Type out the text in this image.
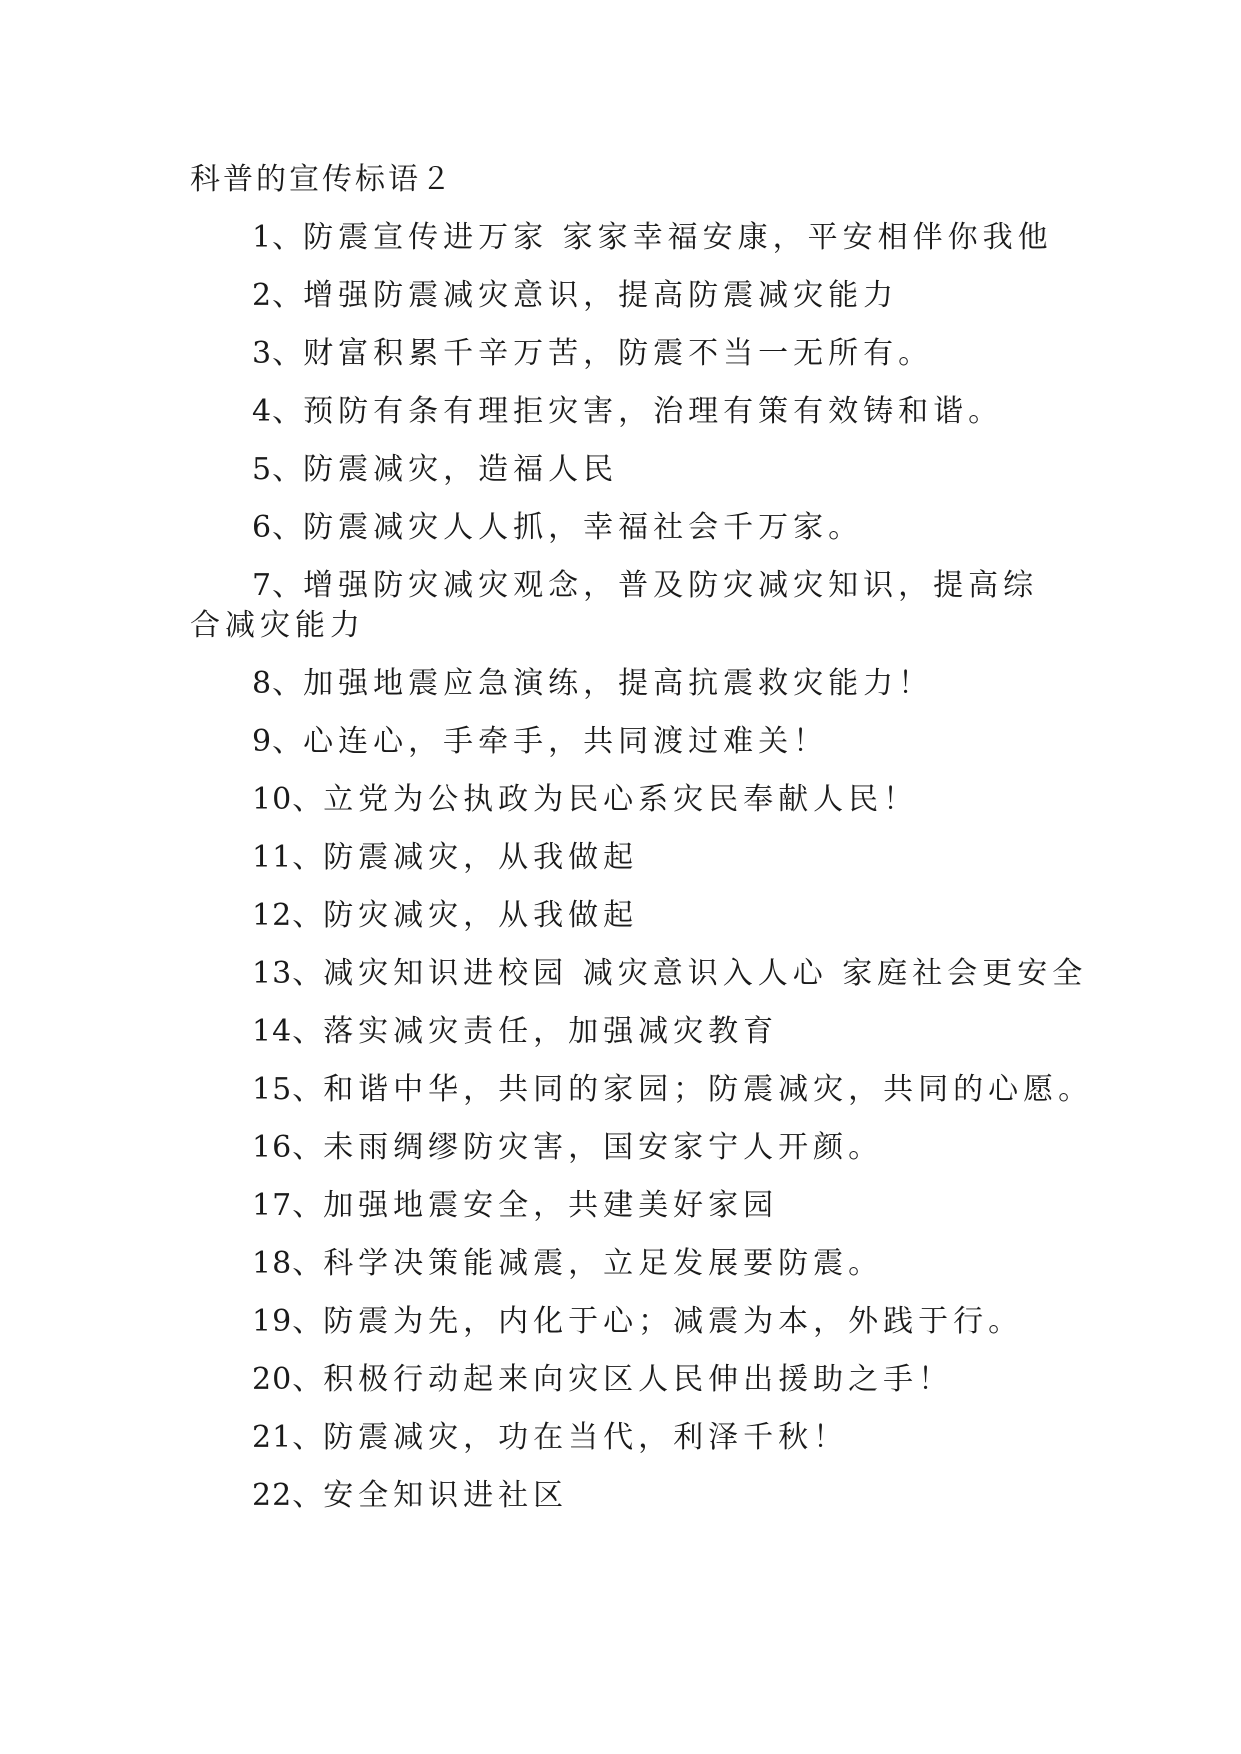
科普的宣传标语２
1、防震宣传进万家 家家幸福安康，平安相伴你我他
2、增强防震减灾意识，提高防震减灾能力
3、财富积累千辛万苦，防震不当一无所有。
4、预防有条有理拒灾害，治理有策有效铸和谐。
5、防震减灾，造福人民
6、防震减灾人人抓，幸福社会千万家。
7、增强防灾减灾观念，普及防灾减灾知识，提高综合减灾能力
8、加强地震应急演练，提高抗震救灾能力！
9、心连心，手牵手，共同渡过难关！
10、立党为公执政为民心系灾民奉献人民！
11、防震减灾，从我做起
12、防灾减灾，从我做起
13、减灾知识进校园 减灾意识入人心 家庭社会更安全
14、落实减灾责任，加强减灾教育
15、和谐中华，共同的家园；防震减灾，共同的心愿。
16、未雨绸缪防灾害，国安家宁人开颜。
17、加强地震安全，共建美好家园
18、科学决策能减震，立足发展要防震。
19、防震为先，内化于心；减震为本，外践于行。
20、积极行动起来向灾区人民伸出援助之手！
21、防震减灾，功在当代，利泽千秋！
22、安全知识进社区
